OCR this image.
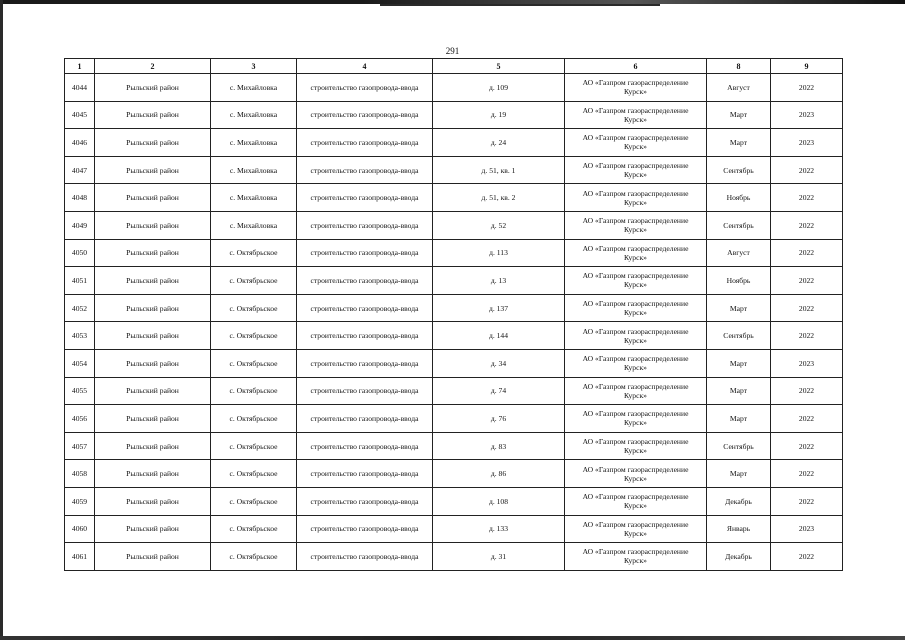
291
1	2	3	4	5	6	8	9
4044	Рыльский район	с. Михайловка	строительство газопровода-ввода	д. 109	АО «Газпром газораспределение
Курск»	Август	2022
4045	Рыльский район	с. Михайловка	строительство газопровода-ввода	д. 19	АО «Газпром газораспределение
Курск»	Март	2023
4046	Рыльский район	с. Михайловка	строительство газопровода-ввода	д. 24	АО «Газпром газораспределение
Курск»	Март	2023
4047	Рыльский район	с. Михайловка	строительство газопровода-ввода	д. 51, кв. 1	АО «Газпром газораспределение
Курск»	Сентябрь	2022
4048	Рыльский район	с. Михайловка	строительство газопровода-ввода	д. 51, кв. 2	АО «Газпром газораспределение
Курск»	Ноябрь	2022
4049	Рыльский район	с. Михайловка	строительство газопровода-ввода	д. 52	АО «Газпром газораспределение
Курск»	Сентябрь	2022
4050	Рыльский район	с. Октябрьское	строительство газопровода-ввода	д. 113	АО «Газпром газораспределение
Курск»	Август	2022
4051	Рыльский район	с. Октябрьское	строительство газопровода-ввода	д. 13	АО «Газпром газораспределение
Курск»	Ноябрь	2022
4052	Рыльский район	с. Октябрьское	строительство газопровода-ввода	д. 137	АО «Газпром газораспределение
Курск»	Март	2022
4053	Рыльский район	с. Октябрьское	строительство газопровода-ввода	д. 144	АО «Газпром газораспределение
Курск»	Сентябрь	2022
4054	Рыльский район	с. Октябрьское	строительство газопровода-ввода	д. 34	АО «Газпром газораспределение
Курск»	Март	2023
4055	Рыльский район	с. Октябрьское	строительство газопровода-ввода	д. 74	АО «Газпром газораспределение
Курск»	Март	2022
4056	Рыльский район	с. Октябрьское	строительство газопровода-ввода	д. 76	АО «Газпром газораспределение
Курск»	Март	2022
4057	Рыльский район	с. Октябрьское	строительство газопровода-ввода	д. 83	АО «Газпром газораспределение
Курск»	Сентябрь	2022
4058	Рыльский район	с. Октябрьское	строительство газопровода-ввода	д. 86	АО «Газпром газораспределение
Курск»	Март	2022
4059	Рыльский район	с. Октябрьское	строительство газопровода-ввода	д. 108	АО «Газпром газораспределение
Курск»	Декабрь	2022
4060	Рыльский район	с. Октябрьское	строительство газопровода-ввода	д. 133	АО «Газпром газораспределение
Курск»	Январь	2023
4061	Рыльский район	с. Октябрьское	строительство газопровода-ввода	д. 31	АО «Газпром газораспределение
Курск»	Декабрь	2022
